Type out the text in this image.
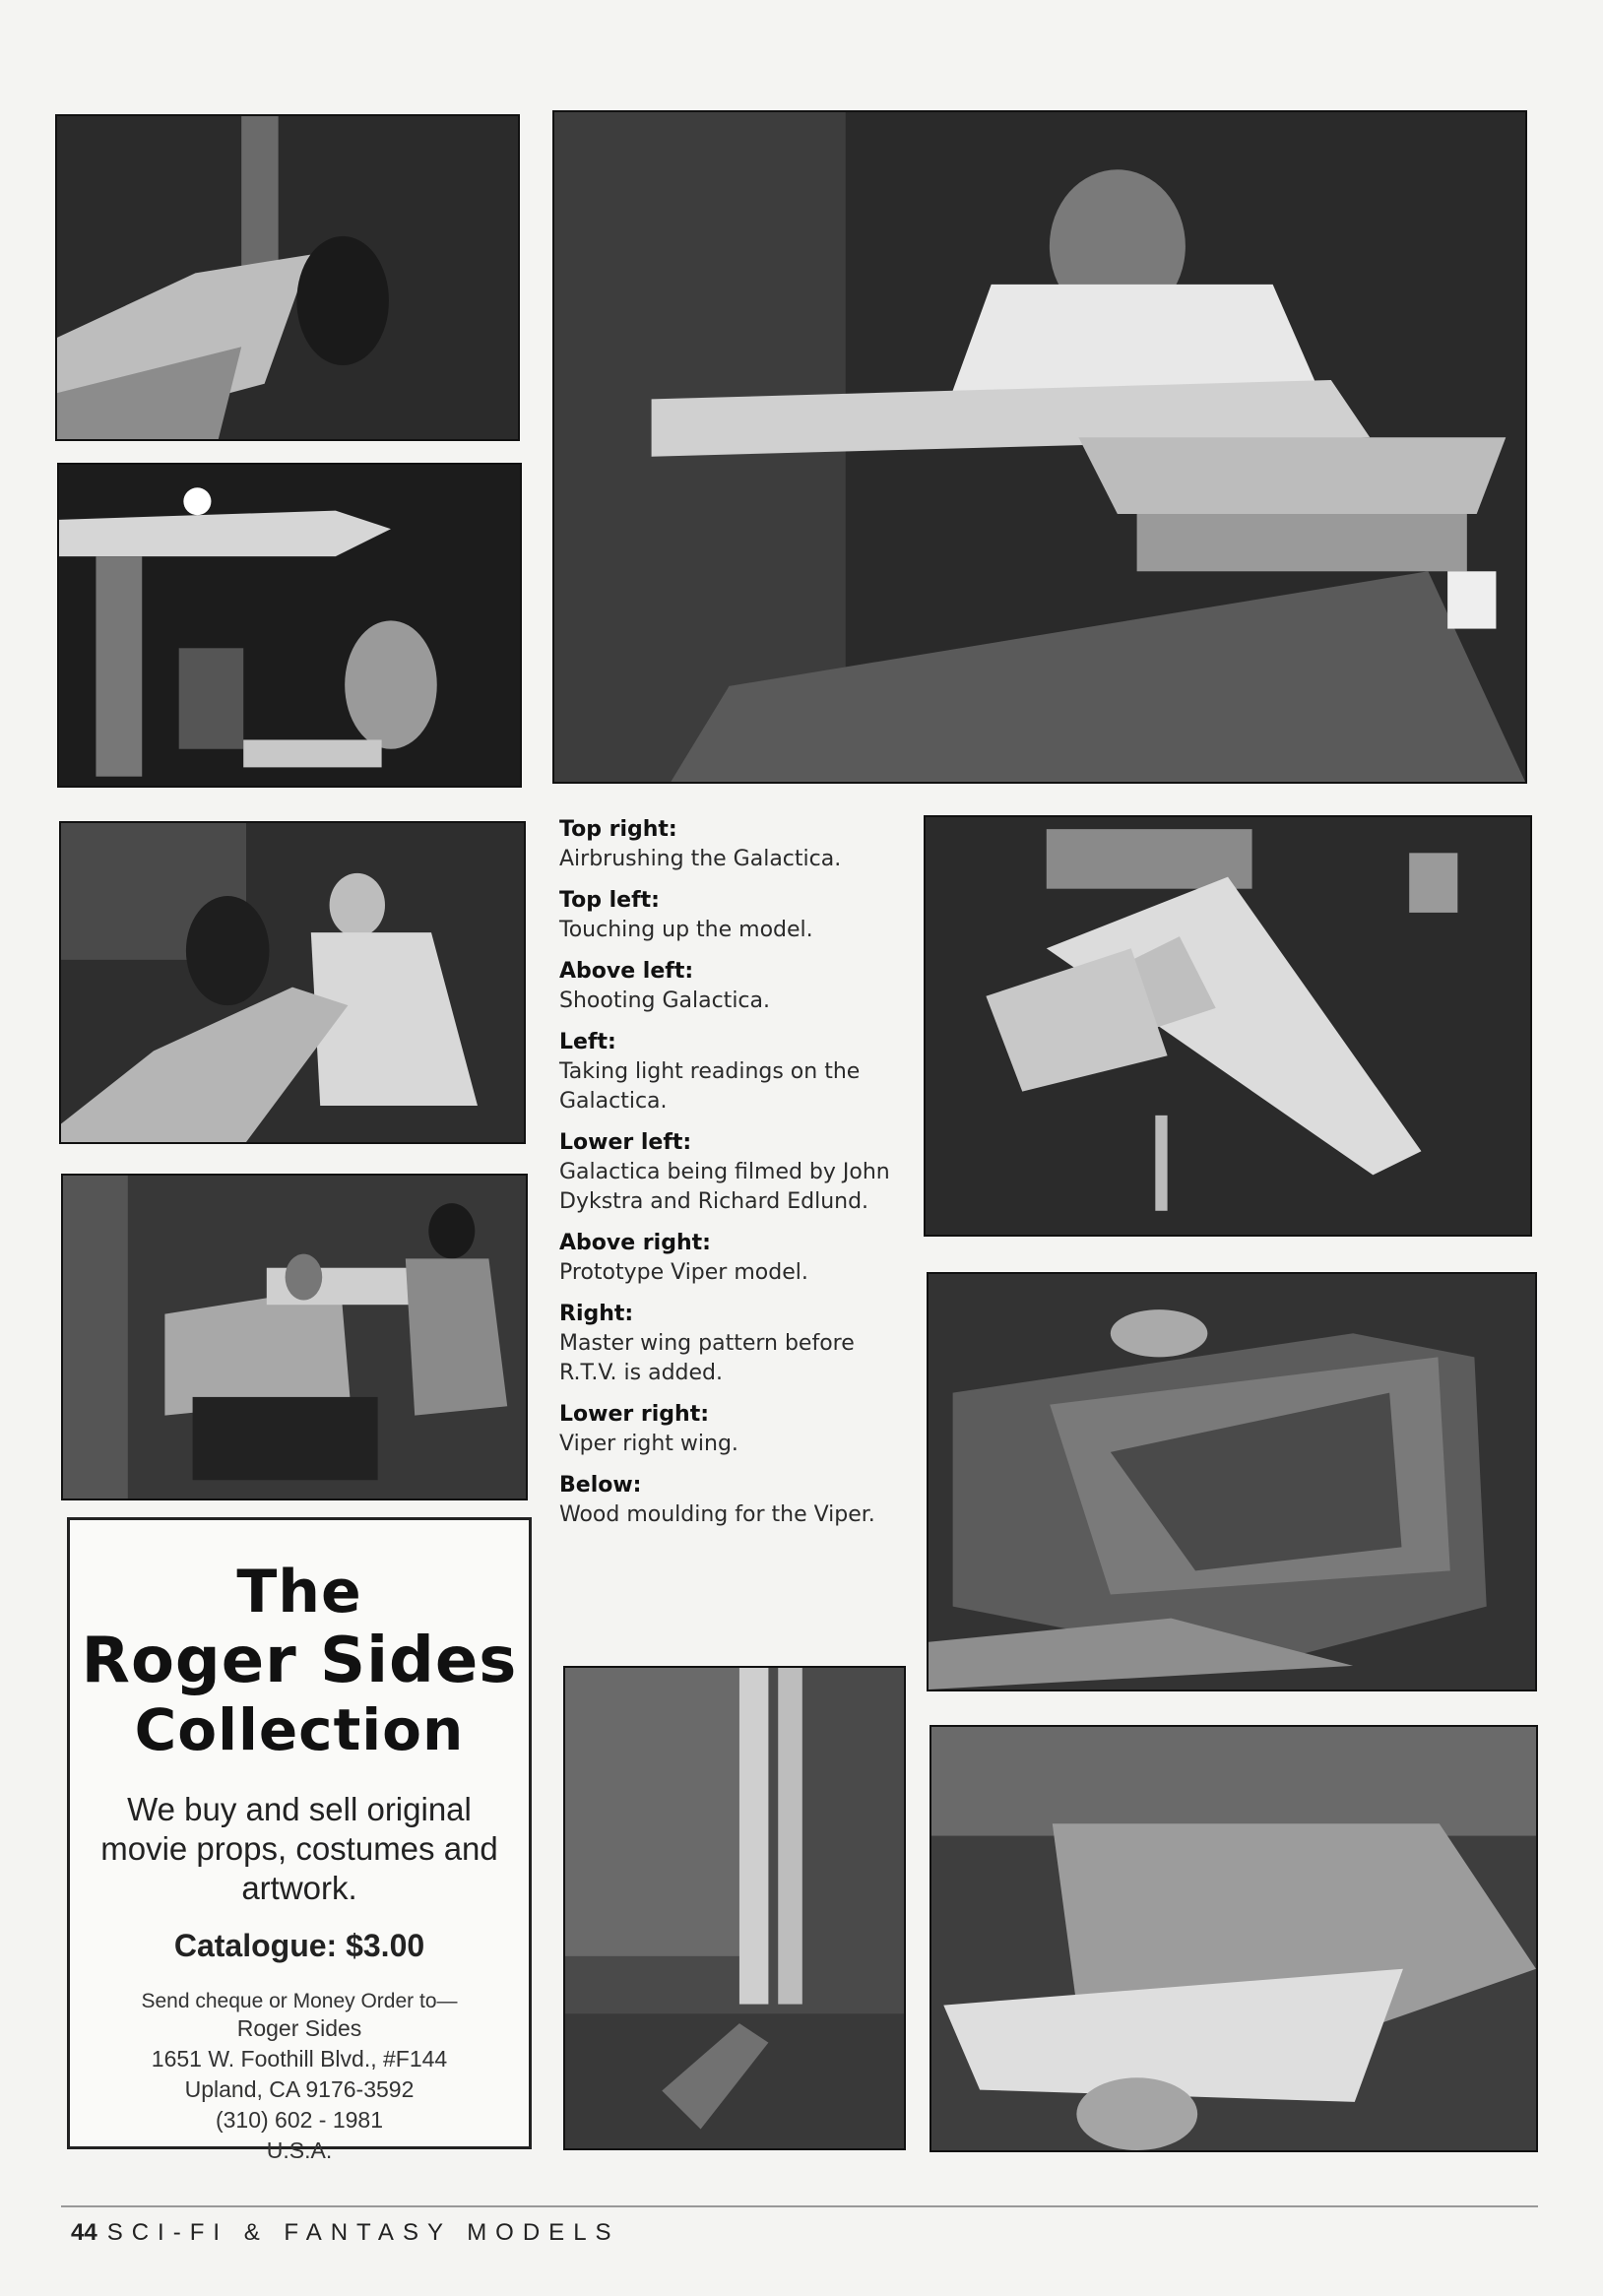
Top right:
Airbrushing the Galactica.
Top left:
Touching up the model.
Above left:
Shooting Galactica.
Left:
Taking light readings on the Galactica.
Lower left:
Galactica being filmed by John Dykstra and Richard Edlund.
Above right:
Prototype Viper model.
Right:
Master wing pattern before R.T.V. is added.
Lower right:
Viper right wing.
Below:
Wood moulding for the Viper.
The
Roger Sides
Collection
We buy and sell original movie props, costumes and artwork.
Catalogue: $3.00
Send cheque or Money Order to—
Roger Sides
1651 W. Foothill Blvd., #F144
Upland, CA 9176-3592
(310) 602 - 1981
U.S.A.
44 SCI-FI & FANTASY MODELS
